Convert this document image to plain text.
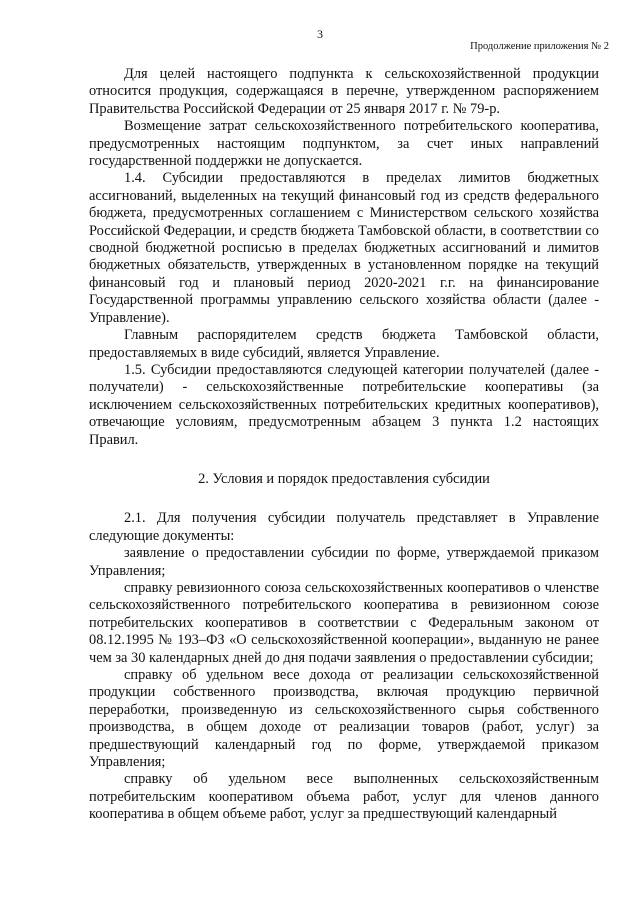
3
Продолжение приложения № 2

Для целей настоящего подпункта к сельскохозяйственной продукции относится продукция, содержащаяся в перечне, утвержденном распоряжением Правительства Российской Федерации от 25 января 2017 г. № 79-р.

Возмещение затрат сельскохозяйственного потребительского кооператива, предусмотренных настоящим подпунктом, за счет иных направлений государственной поддержки не допускается.

1.4. Субсидии предоставляются в пределах лимитов бюджетных ассигнований, выделенных на текущий финансовый год из средств федерального бюджета, предусмотренных соглашением с Министерством сельского хозяйства Российской Федерации, и средств бюджета Тамбовской области, в соответствии со сводной бюджетной росписью в пределах бюджетных ассигнований и лимитов бюджетных обязательств, утвержденных в установленном порядке на текущий финансовый год и плановый период 2020-2021 г.г. на финансирование Государственной программы управлению сельского хозяйства области (далее - Управление).

Главным распорядителем средств бюджета Тамбовской области, предоставляемых в виде субсидий, является Управление.

1.5. Субсидии предоставляются следующей категории получателей (далее - получатели) - сельскохозяйственные потребительские кооперативы (за исключением сельскохозяйственных потребительских кредитных кооперативов), отвечающие условиям, предусмотренным абзацем 3 пункта 1.2 настоящих Правил.

2. Условия и порядок предоставления субсидии

2.1. Для получения субсидии получатель представляет в Управление следующие документы:

заявление о предоставлении субсидии по форме, утверждаемой приказом Управления;

справку ревизионного союза сельскохозяйственных кооперативов о членстве сельскохозяйственного потребительского кооператива в ревизионном союзе потребительских кооперативов в соответствии с Федеральным законом от 08.12.1995 № 193–ФЗ «О сельскохозяйственной кооперации», выданную не ранее чем за 30 календарных дней до дня подачи заявления о предоставлении субсидии;

справку об удельном весе дохода от реализации сельскохозяйственной продукции собственного производства, включая продукцию первичной переработки, произведенную из сельскохозяйственного сырья собственного производства, в общем доходе от реализации товаров (работ, услуг) за предшествующий календарный год по форме, утверждаемой приказом Управления;

справку об удельном весе выполненных сельскохозяйственным потребительским кооперативом объема работ, услуг для членов данного кооператива в общем объеме работ, услуг за предшествующий календарный
